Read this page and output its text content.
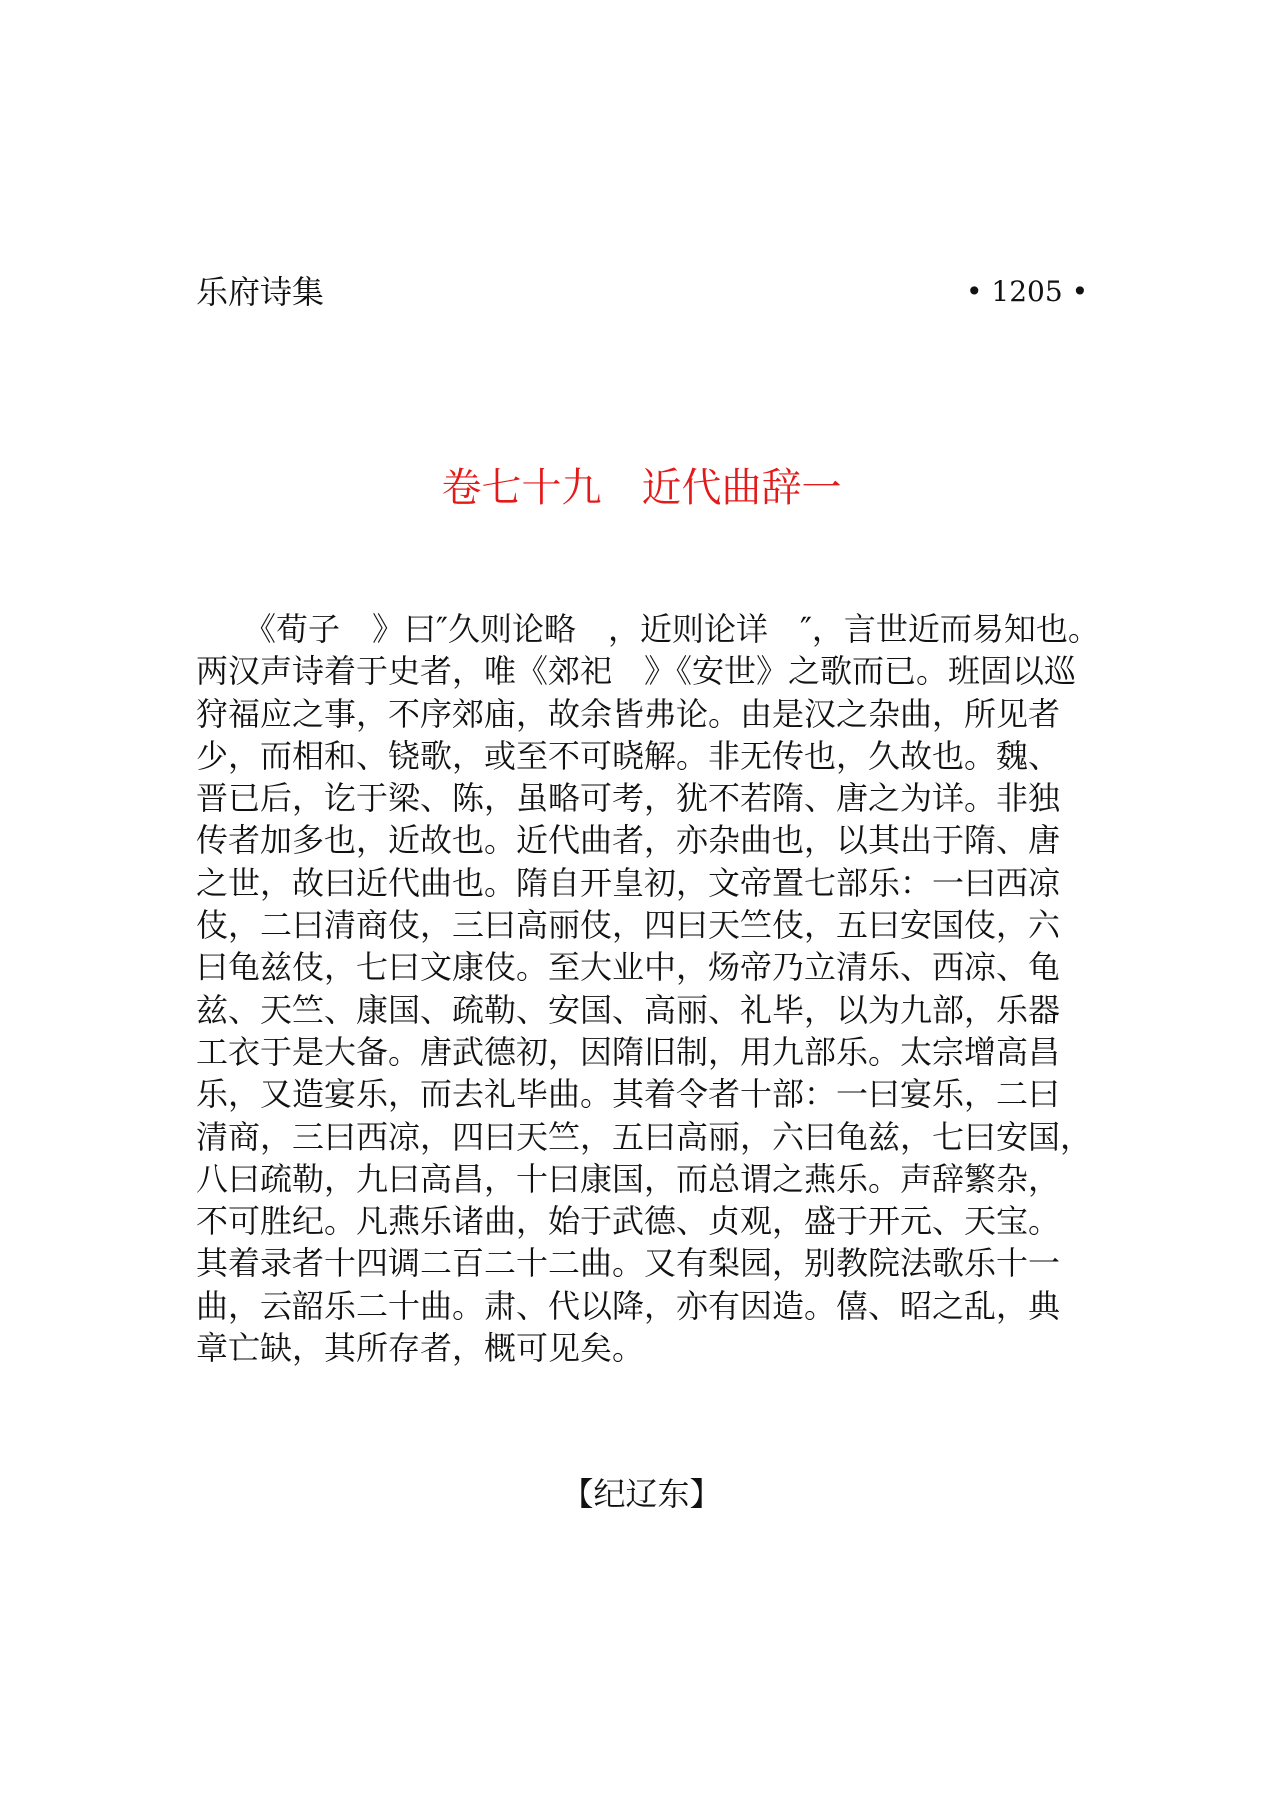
乐府诗集	• 1205 •
卷七十九　近代曲辞一
　　《荀子　》曰″久则论略　，近则论详　″，言世近而易知也。
两汉声诗着于史者，唯《郊祀　》《安世》之歌而已。班固以巡
狩福应之事，不序郊庙，故余皆弗论。由是汉之杂曲，所见者
少，而相和、铙歌，或至不可晓解。非无传也，久故也。魏、
晋已后，讫于梁、陈，虽略可考，犹不若隋、唐之为详。非独
传者加多也，近故也。近代曲者，亦杂曲也，以其出于隋、唐
之世，故曰近代曲也。隋自开皇初，文帝置七部乐：一曰西凉
伎，二曰清商伎，三曰高丽伎，四曰天竺伎，五曰安国伎，六
曰龟兹伎，七曰文康伎。至大业中，炀帝乃立清乐、西凉、龟
兹、天竺、康国、疏勒、安国、高丽、礼毕，以为九部，乐器
工衣于是大备。唐武德初，因隋旧制，用九部乐。太宗增高昌
乐，又造宴乐，而去礼毕曲。其着令者十部：一曰宴乐，二曰
清商，三曰西凉，四曰天竺，五曰高丽，六曰龟兹，七曰安国，
八曰疏勒，九曰高昌，十曰康国，而总谓之燕乐。声辞繁杂，
不可胜纪。凡燕乐诸曲，始于武德、贞观，盛于开元、天宝。
其着录者十四调二百二十二曲。又有梨园，别教院法歌乐十一
曲，云韶乐二十曲。肃、代以降，亦有因造。僖、昭之乱，典
章亡缺，其所存者，概可见矣。
【纪辽东】
